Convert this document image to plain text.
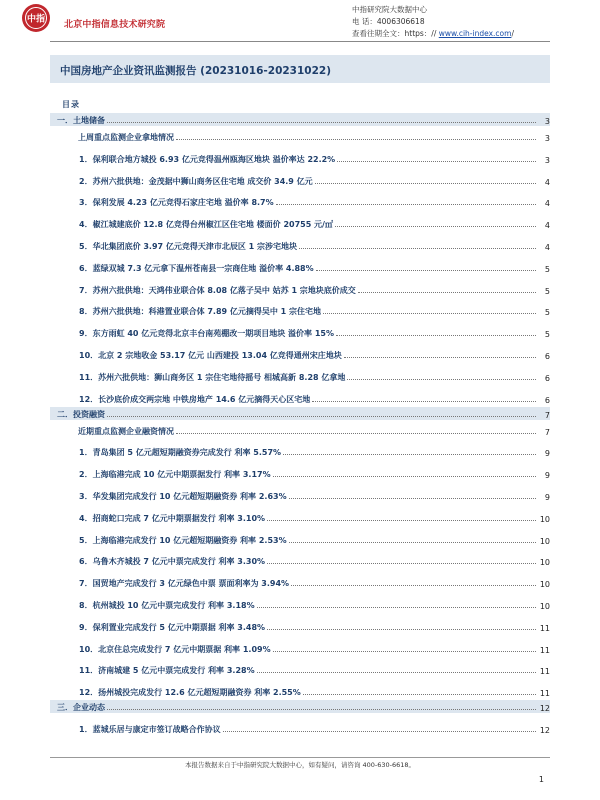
中指
北京中指信息技术研究院
中指研究院大数据中心
电 话：4006306618
查看往期全文：https：// www.cih-index.com/
中国房地产企业资讯监测报告 (20231016-20231022)
目录
一．土地储备	3
上周重点监测企业拿地情况	3
1．保利联合地方城投 6.93 亿元竞得温州瓯海区地块 溢价率达 22.2%	3
2．苏州六批供地：金茂据中狮山商务区住宅地 成交价 34.9 亿元	4
3．保利发展 4.23 亿元竞得石家庄宅地 溢价率 8.7%	4
4．椒江城建底价 12.8 亿竞得台州椒江区住宅地 楼面价 20755 元/㎡	4
5．华北集团底价 3.97 亿元竞得天津市北辰区 1 宗涉宅地块	4
6．蓝绿双城 7.3 亿元拿下温州苍南县一宗商住地 溢价率 4.88%	5
7．苏州六批供地：天鸿伟业联合体 8.08 亿落子吴中 姑苏 1 宗地块底价成交	5
8．苏州六批供地：科港置业联合体 7.89 亿元摘得吴中 1 宗住宅地	5
9．东方雨虹 40 亿元竞得北京丰台南苑棚改一期项目地块 溢价率 15%	5
10．北京 2 宗地收金 53.17 亿元 山西建投 13.04 亿竞得通州宋庄地块	6
11．苏州六批供地：狮山商务区 1 宗住宅地待摇号 相城高新 8.28 亿拿地	6
12．长沙底价成交两宗地 中铁房地产 14.6 亿元摘得天心区宅地	6
二．投资融资	7
近期重点监测企业融资情况	7
1．青岛集团 5 亿元超短期融资券完成发行 利率 5.57%	9
2．上海临港完成 10 亿元中期票据发行 利率 3.17%	9
3．华发集团完成发行 10 亿元超短期融资券 利率 2.63%	9
4．招商蛇口完成 7 亿元中期票据发行 利率 3.10%	10
5．上海临港完成发行 10 亿元超短期融资券 利率 2.53%	10
6．乌鲁木齐城投 7 亿元中票完成发行 利率 3.30%	10
7．国贸地产完成发行 3 亿元绿色中票 票面利率为 3.94%	10
8．杭州城投 10 亿元中票完成发行 利率 3.18%	10
9．保利置业完成发行 5 亿元中期票据 利率 3.48%	11
10．北京住总完成发行 7 亿元中期票据 利率 1.09%	11
11．济南城建 5 亿元中票完成发行 利率 3.28%	11
12．扬州城投完成发行 12.6 亿元超短期融资券 利率 2.55%	11
三．企业动态	12
1．蓝城乐居与康定市签订战略合作协议	12
本报告数据来自于中指研究院大数据中心，如有疑问，请咨询 400-630-6618。
1
